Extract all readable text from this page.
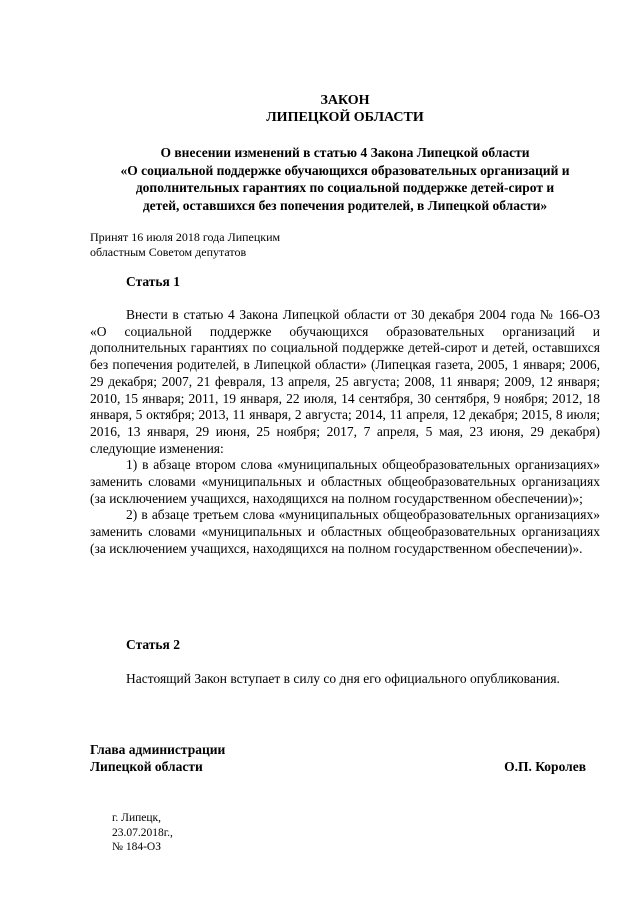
ЗАКОН
ЛИПЕЦКОЙ ОБЛАСТИ
О внесении изменений в статью 4 Закона Липецкой области
«О социальной поддержке обучающихся образовательных организаций и
дополнительных гарантиях по социальной поддержке детей-сирот и
детей, оставшихся без попечения родителей, в Липецкой области»
Принят 16 июля 2018 года Липецким
областным Советом депутатов
Статья 1

Внести в статью 4 Закона Липецкой области от 30 декабря 2004 года № 166-ОЗ «О социальной поддержке обучающихся образовательных организаций и дополнительных гарантиях по социальной поддержке детей-сирот и детей, оставшихся без попечения родителей, в Липецкой области» (Липецкая газета, 2005, 1 января; 2006, 29 декабря; 2007, 21 февраля, 13 апреля, 25 августа; 2008, 11 января; 2009, 12 января; 2010, 15 января; 2011, 19 января, 22 июля, 14 сентября, 30 сентября, 9 ноября; 2012, 18 января, 5 октября; 2013, 11 января, 2 августа; 2014, 11 апреля, 12 декабря; 2015, 8 июля; 2016, 13 января, 29 июня, 25 ноября; 2017, 7 апреля, 5 мая, 23 июня, 29 декабря) следующие изменения:

1) в абзаце втором слова «муниципальных общеобразовательных организациях» заменить словами «муниципальных и областных общеобразовательных организациях (за исключением учащихся, находящихся на полном государственном обеспечении)»;

2) в абзаце третьем слова «муниципальных общеобразовательных организациях» заменить словами «муниципальных и областных общеобразовательных организациях (за исключением учащихся, находящихся на полном государственном обеспечении)».

Статья 2

Настоящий Закон вступает в силу со дня его официального опубликования.

Глава администрации
Липецкой области	О.П. Королев
г. Липецк,
23.07.2018г.,
№ 184-ОЗ
